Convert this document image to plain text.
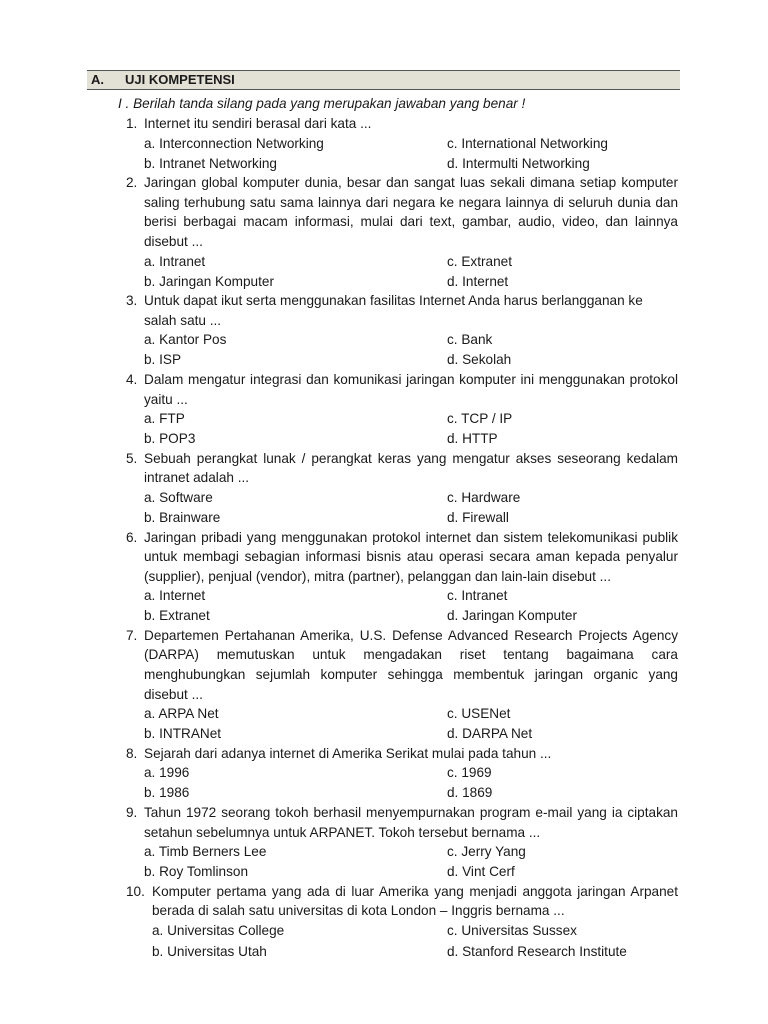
A. UJI KOMPETENSI
I . Berilah tanda silang pada yang merupakan jawaban yang benar !
1. Internet itu sendiri berasal dari kata ...
a. Interconnection Networking	c. International Networking
b. Intranet Networking	d. Intermulti Networking
2. Jaringan global komputer dunia, besar dan sangat luas sekali dimana setiap komputer saling terhubung satu sama lainnya dari negara ke negara lainnya di seluruh dunia dan berisi berbagai macam informasi, mulai dari text, gambar, audio, video, dan lainnya disebut ...
a. Intranet	c. Extranet
b. Jaringan Komputer	d. Internet
3. Untuk dapat ikut serta menggunakan fasilitas Internet Anda harus berlangganan ke salah satu ...
a. Kantor Pos	c. Bank
b. ISP	d. Sekolah
4. Dalam mengatur integrasi dan komunikasi jaringan komputer ini menggunakan protokol yaitu ...
a. FTP	c. TCP / IP
b. POP3	d. HTTP
5. Sebuah perangkat lunak / perangkat keras yang mengatur akses seseorang kedalam intranet adalah ...
a. Software	c. Hardware
b. Brainware	d. Firewall
6. Jaringan pribadi yang menggunakan protokol internet dan sistem telekomunikasi publik untuk membagi sebagian informasi bisnis atau operasi secara aman kepada penyalur (supplier), penjual (vendor), mitra (partner), pelanggan dan lain-lain disebut ...
a. Internet	c. Intranet
b. Extranet	d. Jaringan Komputer
7. Departemen Pertahanan Amerika, U.S. Defense Advanced Research Projects Agency (DARPA) memutuskan untuk mengadakan riset tentang bagaimana cara menghubungkan sejumlah komputer sehingga membentuk jaringan organic yang disebut ...
a. ARPA Net	c. USENet
b. INTRANet	d. DARPA Net
8. Sejarah dari adanya internet di Amerika Serikat mulai pada tahun ...
a. 1996	c. 1969
b. 1986	d. 1869
9. Tahun 1972 seorang tokoh berhasil menyempurnakan program e-mail yang ia ciptakan setahun sebelumnya untuk ARPANET. Tokoh tersebut bernama ...
a. Timb Berners Lee	c. Jerry Yang
b. Roy Tomlinson	d. Vint Cerf
10. Komputer pertama yang ada di luar Amerika yang menjadi anggota jaringan Arpanet berada di salah satu universitas di kota London – Inggris bernama ...
a. Universitas College	c. Universitas Sussex
b. Universitas Utah	d. Stanford Research Institute
